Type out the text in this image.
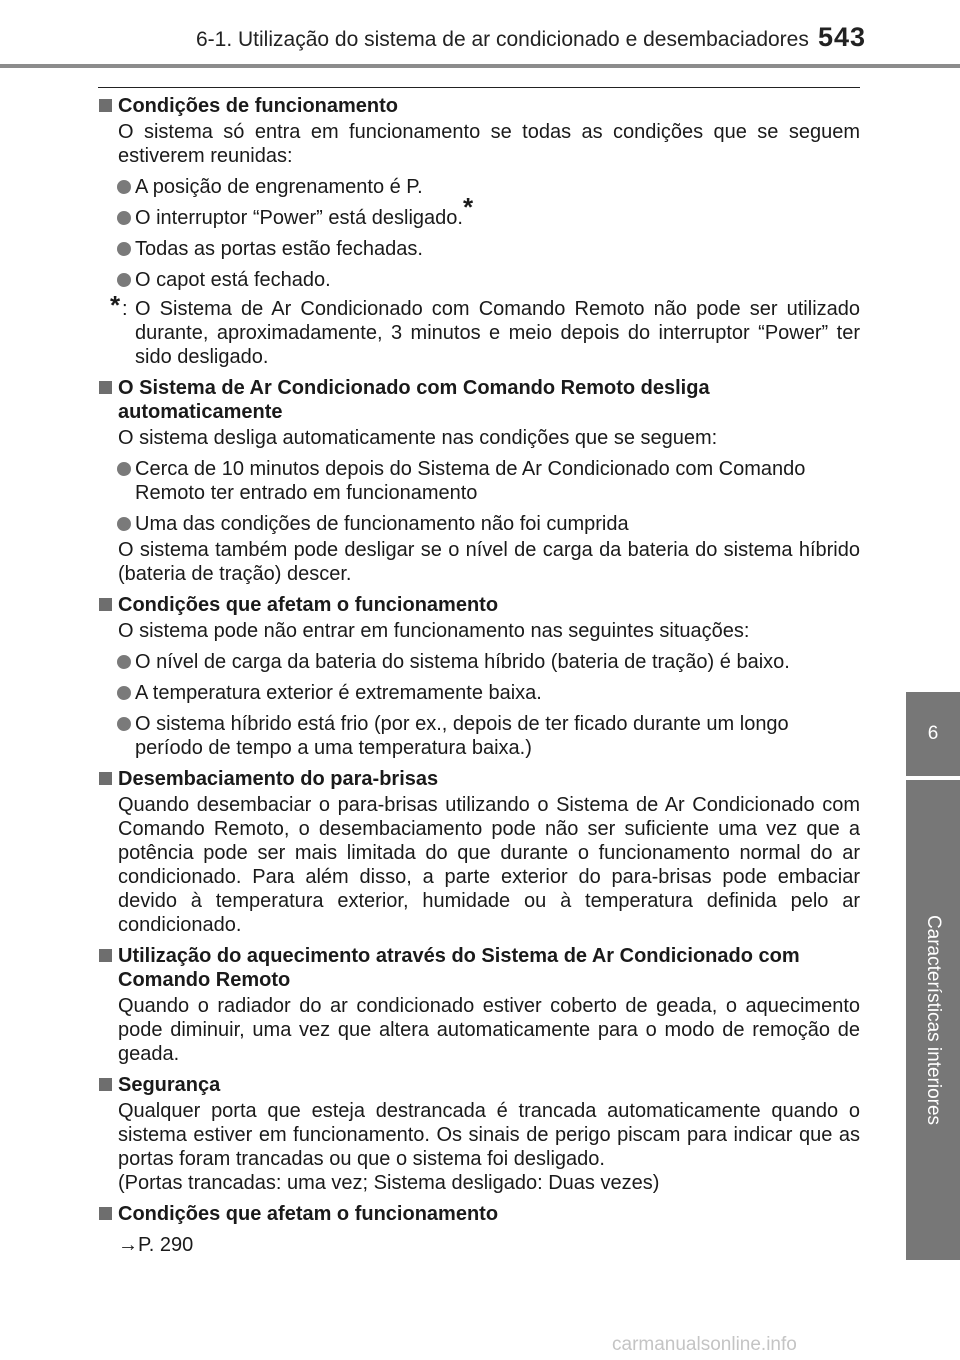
6-1. Utilização do sistema de ar condicionado e desembaciadores 543
6
Características interiores
Condições de funcionamento
O sistema só entra em funcionamento se todas as condições que se seguem estiverem reunidas:
A posição de engrenamento é P.
O interruptor “Power” está desligado.*
Todas as portas estão fechadas.
O capot está fechado.
* : O Sistema de Ar Condicionado com Comando Remoto não pode ser utilizado durante, aproximadamente, 3 minutos e meio depois do interruptor “Power” ter sido desligado.
O Sistema de Ar Condicionado com Comando Remoto desliga automaticamente
O sistema desliga automaticamente nas condições que se seguem:
Cerca de 10 minutos depois do Sistema de Ar Condicionado com Comando Remoto ter entrado em funcionamento
Uma das condições de funcionamento não foi cumprida
O sistema também pode desligar se o nível de carga da bateria do sistema híbrido (bateria de tração) descer.
Condições que afetam o funcionamento
O sistema pode não entrar em funcionamento nas seguintes situações:
O nível de carga da bateria do sistema híbrido (bateria de tração) é baixo.
A temperatura exterior é extremamente baixa.
O sistema híbrido está frio (por ex., depois de ter ficado durante um longo período de tempo a uma temperatura baixa.)
Desembaciamento do para-brisas
Quando desembaciar o para-brisas utilizando o Sistema de Ar Condicionado com Comando Remoto, o desembaciamento pode não ser suficiente uma vez que a potência pode ser mais limitada do que durante o funcionamento normal do ar condicionado. Para além disso, a parte exterior do para-brisas pode embaciar devido à temperatura exterior, humidade ou à temperatura definida pelo ar condicionado.
Utilização do aquecimento através do Sistema de Ar Condicionado com Comando Remoto
Quando o radiador do ar condicionado estiver coberto de geada, o aquecimento pode diminuir, uma vez que altera automaticamente para o modo de remoção de geada.
Segurança
Qualquer porta que esteja destrancada é trancada automaticamente quando o sistema estiver em funcionamento. Os sinais de perigo piscam para indicar que as portas foram trancadas ou que o sistema foi desligado.
(Portas trancadas: uma vez; Sistema desligado: Duas vezes)
Condições que afetam o funcionamento
→P. 290
carmanualsonline.info
